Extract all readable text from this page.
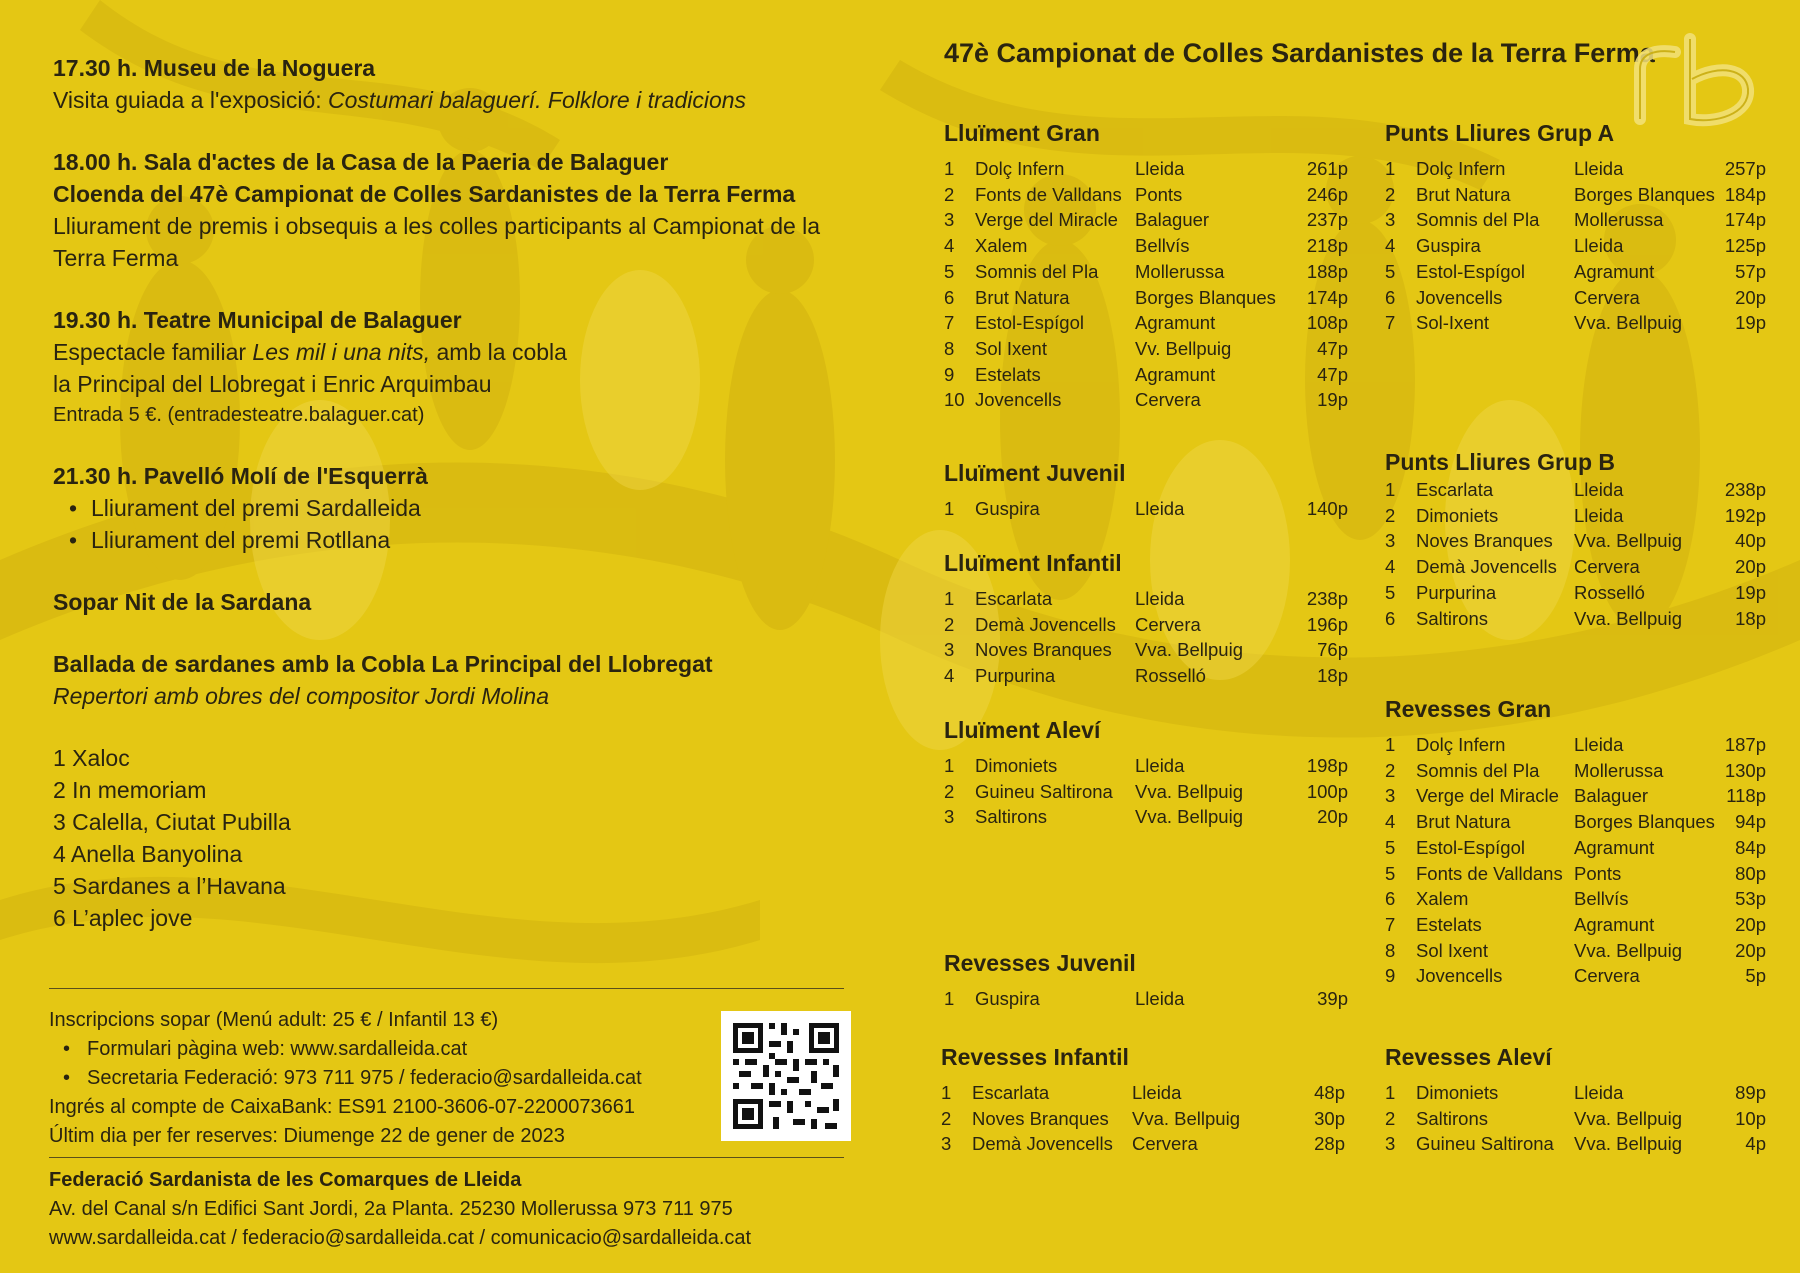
17.30 h. Museu de la Noguera

Visita guiada a l'exposició: Costumari balaguerí. Folklore i tradicions

18.00 h. Sala d'actes de la Casa de la Paeria de Balaguer

Cloenda del 47è Campionat de Colles Sardanistes de la Terra Ferma

Lliurament de premis i obsequis a les colles participants al Campionat de la

Terra Ferma

19.30 h. Teatre Municipal de Balaguer

Espectacle familiar Les mil i una nits, amb la cobla

la Principal del Llobregat i Enric Arquimbau

Entrada 5 €. (entradesteatre.balaguer.cat)

21.30 h. Pavelló Molí de l'Esquerrà

• Lliurament del premi Sardalleida
• Lliurament del premi Rotllana

Sopar Nit de la Sardana

Ballada de sardanes amb la Cobla La Principal del Llobregat

Repertori amb obres del compositor Jordi Molina

1 Xaloc

2 In memoriam

3 Calella, Ciutat Pubilla

4 Anella Banyolina

5 Sardanes a l’Havana

6 L’aplec jove

Inscripcions sopar (Menú adult: 25 € / Infantil 13 €)

• Formulari pàgina web: www.sardalleida.cat
• Secretaria Federació: 973 711 975 / federacio@sardalleida.cat

Ingrés al compte de CaixaBank: ES91 2100-3606-07-2200073661

Últim dia per fer reserves: Diumenge 22 de gener de 2023

Federació Sardanista de les Comarques de Lleida

Av. del Canal s/n Edifici Sant Jordi, 2a Planta. 25230 Mollerussa 973 711 975

www.sardalleida.cat / federacio@sardalleida.cat / comunicacio@sardalleida.cat

47è Campionat de Colles Sardanistes de la Terra Ferma

Lluïment Gran

1	Dolç Infern	Lleida	261p
2	Fonts de Valldans	Ponts	246p
3	Verge del Miracle	Balaguer	237p
4	Xalem	Bellvís	218p
5	Somnis del Pla	Mollerussa	188p
6	Brut Natura	Borges Blanques	174p
7	Estol-Espígol	Agramunt	108p
8	Sol Ixent	Vv. Bellpuig	47p
9	Estelats	Agramunt	47p
10	Jovencells	Cervera	19p

Lluïment Juvenil

1	Guspira	Lleida	140p

Lluïment Infantil

1	Escarlata	Lleida	238p
2	Demà Jovencells	Cervera	196p
3	Noves Branques	Vva. Bellpuig	76p
4	Purpurina	Rosselló	18p

Lluïment Aleví

1	Dimoniets	Lleida	198p
2	Guineu Saltirona	Vva. Bellpuig	100p
3	Saltirons	Vva. Bellpuig	20p

Revesses Juvenil

1	Guspira	Lleida	39p

Revesses Infantil

1	Escarlata	Lleida	48p
2	Noves Branques	Vva. Bellpuig	30p
3	Demà Jovencells	Cervera	28p

Punts Lliures Grup A

1	Dolç Infern	Lleida	257p
2	Brut Natura	Borges Blanques	184p
3	Somnis del Pla	Mollerussa	174p
4	Guspira	Lleida	125p
5	Estol-Espígol	Agramunt	57p
6	Jovencells	Cervera	20p
7	Sol-Ixent	Vva. Bellpuig	19p

Punts Lliures Grup B

1	Escarlata	Lleida	238p
2	Dimoniets	Lleida	192p
3	Noves Branques	Vva. Bellpuig	40p
4	Demà Jovencells	Cervera	20p
5	Purpurina	Rosselló	19p
6	Saltirons	Vva. Bellpuig	18p

Revesses Gran

1	Dolç Infern	Lleida	187p
2	Somnis del Pla	Mollerussa	130p
3	Verge del Miracle	Balaguer	118p
4	Brut Natura	Borges Blanques	94p
5	Estol-Espígol	Agramunt	84p
5	Fonts de Valldans	Ponts	80p
6	Xalem	Bellvís	53p
7	Estelats	Agramunt	20p
8	Sol Ixent	Vva. Bellpuig	20p
9	Jovencells	Cervera	5p

Revesses Aleví

1	Dimoniets	Lleida	89p
2	Saltirons	Vva. Bellpuig	10p
3	Guineu Saltirona	Vva. Bellpuig	4p
